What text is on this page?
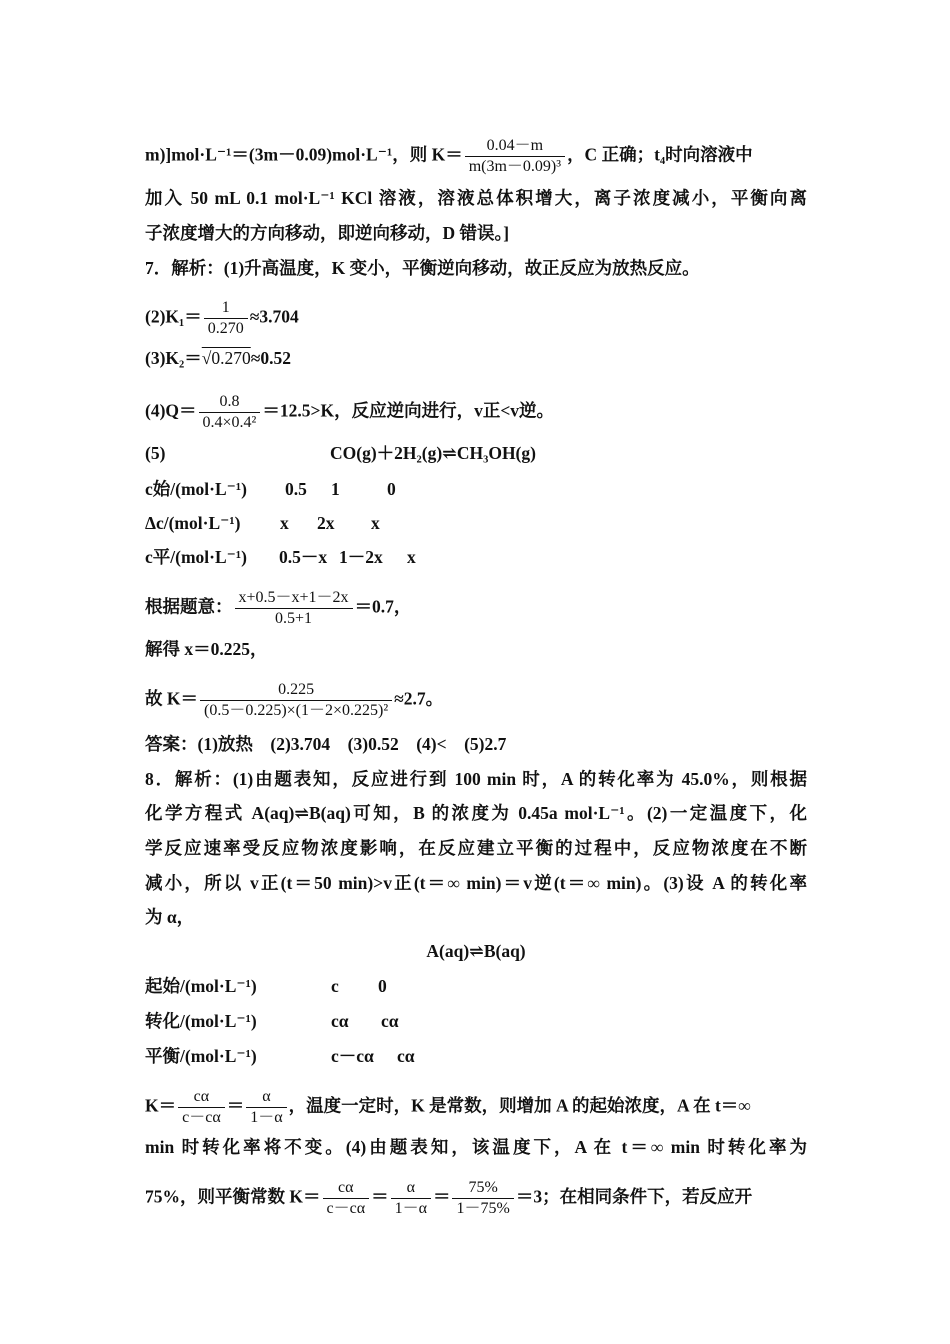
m)]mol·L⁻¹＝(3m－0.09)mol·L⁻¹，则 $K= \frac{0.04-m}{\text{m(3m－0.09)³}}$ ，C 正确；t₄时向溶液中
加入 50 mL 0.1 mol·L⁻¹ KCl 溶液，溶液总体积增大，离子浓度减小，平衡向离
子浓度增大的方向移动，即逆向移动，D 错误。]
7．解析：(1)升高温度，K 变小，平衡逆向移动，故正反应为放热反应。
$(2)K_1= \frac{1}{0.270} \approx 3.704$
(3)K₂＝√0.270≈0.52
$(4)Q= \frac{0.8}{\text{0.4×0.4²}} =12.5>K$，反应逆向进行，v正<v逆。
(5)	CO(g)＋2H₂(g)⇌CH₃OH(g)
c始/(mol·L⁻¹) 0.5 1	0
Δc/(mol·L⁻¹) x 2x x
c平/(mol·L⁻¹) 0.5－x 1－2x x
根据题意： $\frac{x+0.5-x+1-2x}{0.5+1} =0.7$，
解得 x＝0.225，
故 $K= \frac{0.225}{\text{(0.5－0.225)×(1－2×0.225)²}} \approx 2.7$。
答案：(1)放热　(2)3.704　(3)0.52　(4)<　(5)2.7
8．解析：(1)由题表知，反应进行到 100 min 时，A 的转化率为 45.0%，则根据
化学方程式 A(aq)⇌B(aq)可知，B 的浓度为 0.45a mol·L⁻¹。(2)一定温度下，化
学反应速率受反应物浓度影响，在反应建立平衡的过程中，反应物浓度在不断
减小，所以 v正(t＝50 min)>v正(t＝∞ min)＝v逆(t＝∞ min)。(3)设 A 的转化率
为 α，
A(aq)⇌B(aq)
起始/(mol·L⁻¹)	c 0
转化/(mol·L⁻¹)	cα cα
平衡/(mol·L⁻¹)	c－cα cα
$K= \frac{c\alpha}{c-c\alpha} = \frac{\alpha}{1-\alpha}$ ，温度一定时，K 是常数，则增加 A 的起始浓度，A 在 t＝∞
min 时转化率将不变。(4)由题表知，该温度下，A 在 t＝∞ min 时转化率为
75%，则平衡常数 $K= \frac{c\alpha}{c-c\alpha} = \frac{\alpha}{1-\alpha} = \frac{75\%}{1-75\%} =3$；在相同条件下，若反应开
